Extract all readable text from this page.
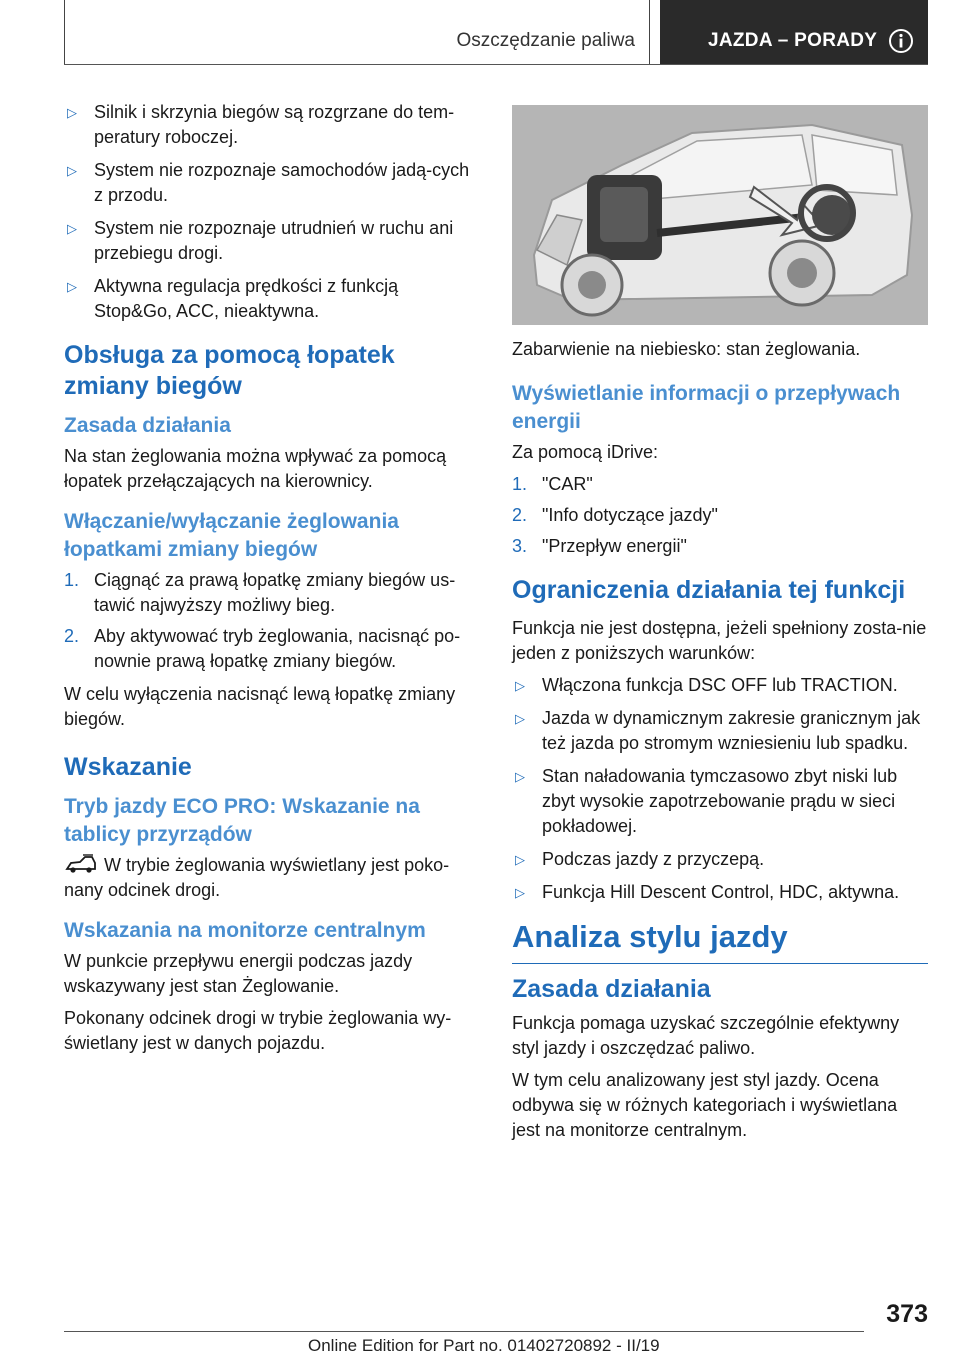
Oszczędzanie paliwa	JAZDA – PORADY
▷ Silnik i skrzynia biegów są rozgrzane do tem-peratury roboczej.
▷ System nie rozpoznaje samochodów jadą-cych z przodu.
▷ System nie rozpoznaje utrudnień w ruchu ani przebiegu drogi.
▷ Aktywna regulacja prędkości z funkcją Stop&Go, ACC, nieaktywna.
Obsługa za pomocą łopatek zmiany biegów
Zasada działania

Na stan żeglowania można wpływać za pomocą łopatek przełączających na kierownicy.

Włączanie/wyłączanie żeglowania łopatkami zmiany biegów
1. Ciągnąć za prawą łopatkę zmiany biegów us-tawić najwyższy możliwy bieg.
2. Aby aktywować tryb żeglowania, nacisnąć po-nownie prawą łopatkę zmiany biegów.

W celu wyłączenia nacisnąć lewą łopatkę zmiany biegów.

Wskazanie
Tryb jazdy ECO PRO: Wskazanie na tablicy przyrządów

W trybie żeglowania wyświetlany jest poko-nany odcinek drogi.

Wskazania na monitorze centralnym

W punkcie przepływu energii podczas jazdy wskazywany jest stan Żeglowanie.

Pokonany odcinek drogi w trybie żeglowania wy-świetlany jest w danych pojazdu.

Zabarwienie na niebiesko: stan żeglowania.

Wyświetlanie informacji o przepływach energii

Za pomocą iDrive:

1. "CAR"
2. "Info dotyczące jazdy"
3. "Przepływ energii"
Ograniczenia działania tej funkcji

Funkcja nie jest dostępna, jeżeli spełniony zosta-nie jeden z poniższych warunków:

▷ Włączona funkcja DSC OFF lub TRACTION.
▷ Jazda w dynamicznym zakresie granicznym jak też jazda po stromym wzniesieniu lub spadku.
▷ Stan naładowania tymczasowo zbyt niski lub zbyt wysokie zapotrzebowanie prądu w sieci pokładowej.
▷ Podczas jazdy z przyczepą.
▷ Funkcja Hill Descent Control, HDC, aktywna.
Analiza stylu jazdy
Zasada działania

Funkcja pomaga uzyskać szczególnie efektywny styl jazdy i oszczędzać paliwo.

W tym celu analizowany jest styl jazdy. Ocena odbywa się w różnych kategoriach i wyświetlana jest na monitorze centralnym.

373
Online Edition for Part no. 01402720892 - II/19
